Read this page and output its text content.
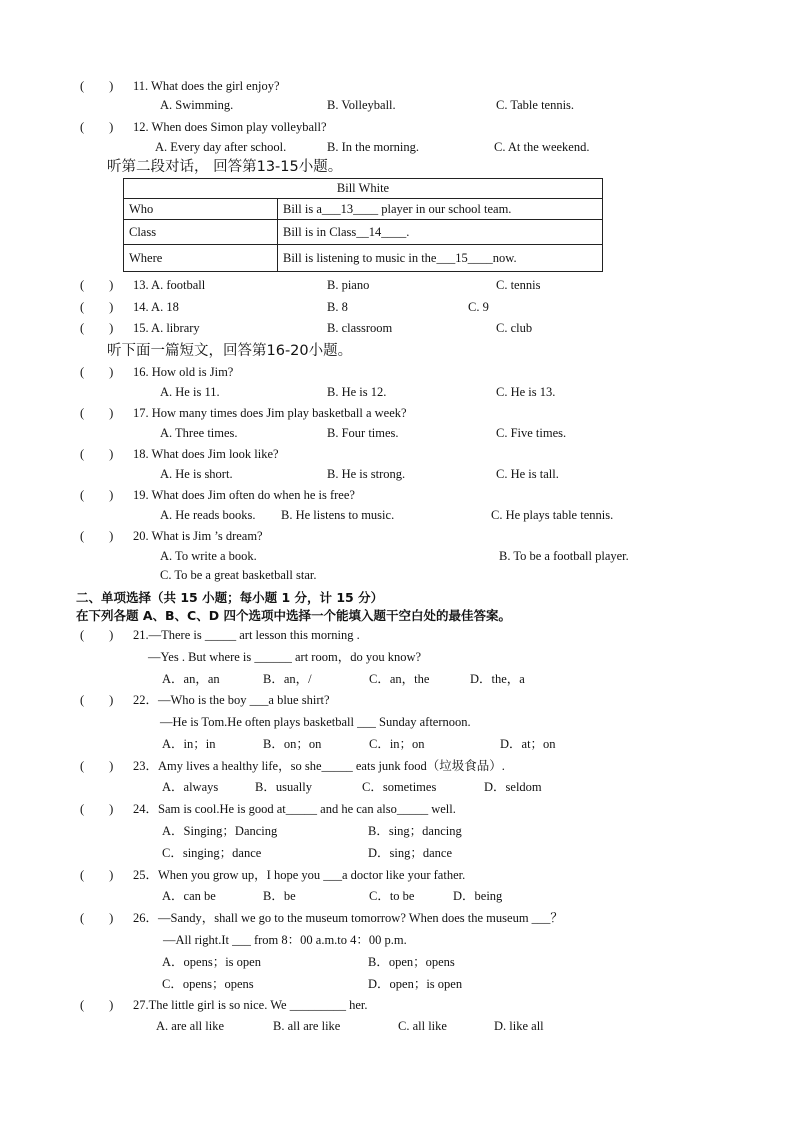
(        ) 11. What does the girl enjoy?
A. Swimming.	B. Volleyball.	C. Table tennis.
(        ) 12. When does Simon play volleyball?
A. Every day after school.	B. In the morning.	C. At the weekend.
听第二段对话， 回答第13-15小题。
Bill White	
Who	Bill is a___13____ player in our school team.
Class	Bill is in Class__14____.
Where	Bill is listening to music in the___15____now.
(        ) 13. A. football	B. piano	C. tennis
(        ) 14. A. 18	B. 8	C. 9
(        ) 15. A. library	B. classroom	C. club
听下面一篇短文，回答第16-20小题。
(        ) 16. How old is Jim?
A. He is 11.	B. He is 12.	C. He is 13.
(        ) 17. How many times does Jim play basketball a week?
A. Three times.	B. Four times.	C. Five times.
(        ) 18. What does Jim look like?
A. He is short.	B. He is strong.	C. He is tall.
(        ) 19. What does Jim often do when he is free?
A. He reads books. B. He listens to music.	C. He plays table tennis.
(        ) 20. What is Jim ’s dream?
A. To write a book.	B. To be a football player.
C. To be a great basketball star.
二、单项选择（共 15 小题；每小题 1 分，计 15 分）
在下列各题 A、B、C、D 四个选项中选择一个能填入题干空白处的最佳答案。
(        ) 21.—There is _____ art lesson this morning .
—Yes . But where is ______ art room，do you know?
A．an，an	B．an，/	C．an，the	D．the，a
(        ) 22．—Who is the boy ___a blue shirt?
—He is Tom.He often plays basketball ___ Sunday afternoon.
A．in；in	B．on；on	C．in；on	D．at；on
(        ) 23．Amy lives a healthy life，so she_____ eats junk food（垃圾食品）.
A．always	B．usually	C．sometimes	D．seldom
(        ) 24．Sam is cool.He is good at_____ and he can also_____ well.
A．Singing；Dancing	B．sing；dancing
C．singing；dance	D．sing；dance
(        ) 25．When you grow up，I hope you ___a doctor like your father.
A．can be	B．be	C．to be	D．being
(        ) 26．—Sandy，shall we go to the museum tomorrow? When does the museum ___？
—All right.It ___ from 8：00 a.m.to 4：00 p.m.
A．opens；is open	B．open；opens
C．opens；opens	D．open；is open
(        ) 27.The little girl is so nice. We _________ her.
A. are all like	B. all are like	C. all like	D. like all
